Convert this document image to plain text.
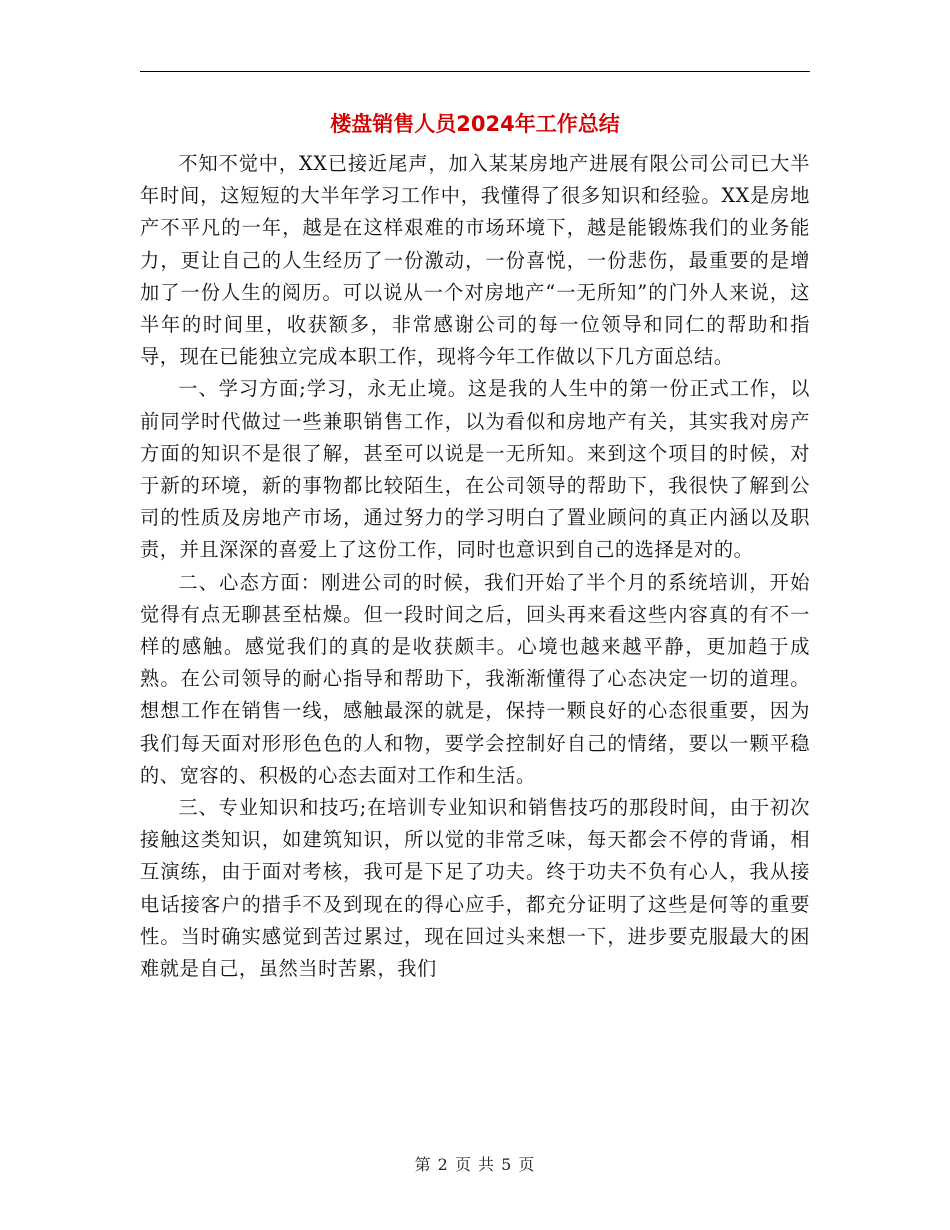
楼盘销售人员2024年工作总结

不知不觉中，XX已接近尾声，加入某某房地产进展有限公司公司已大半年时间，这短短的大半年学习工作中，我懂得了很多知识和经验。XX是房地产不平凡的一年，越是在这样艰难的市场环境下，越是能锻炼我们的业务能力，更让自己的人生经历了一份激动，一份喜悦，一份悲伤，最重要的是增加了一份人生的阅历。可以说从一个对房地产“一无所知”的门外人来说，这半年的时间里，收获额多，非常感谢公司的每一位领导和同仁的帮助和指导，现在已能独立完成本职工作，现将今年工作做以下几方面总结。

一、学习方面;学习，永无止境。这是我的人生中的第一份正式工作，以前同学时代做过一些兼职销售工作，以为看似和房地产有关，其实我对房产方面的知识不是很了解，甚至可以说是一无所知。来到这个项目的时候，对于新的环境，新的事物都比较陌生，在公司领导的帮助下，我很快了解到公司的性质及房地产市场，通过努力的学习明白了置业顾问的真正内涵以及职责，并且深深的喜爱上了这份工作，同时也意识到自己的选择是对的。

二、心态方面：刚进公司的时候，我们开始了半个月的系统培训，开始觉得有点无聊甚至枯燥。但一段时间之后，回头再来看这些内容真的有不一样的感触。感觉我们的真的是收获颇丰。心境也越来越平静，更加趋于成熟。在公司领导的耐心指导和帮助下，我渐渐懂得了心态决定一切的道理。想想工作在销售一线，感触最深的就是，保持一颗良好的心态很重要，因为我们每天面对形形色色的人和物，要学会控制好自己的情绪，要以一颗平稳的、宽容的、积极的心态去面对工作和生活。

三、专业知识和技巧;在培训专业知识和销售技巧的那段时间，由于初次接触这类知识，如建筑知识，所以觉的非常乏味，每天都会不停的背诵，相互演练，由于面对考核，我可是下足了功夫。终于功夫不负有心人，我从接电话接客户的措手不及到现在的得心应手，都充分证明了这些是何等的重要性。当时确实感觉到苦过累过，现在回过头来想一下，进步要克服最大的困难就是自己，虽然当时苦累，我们

第 2 页 共 5 页
